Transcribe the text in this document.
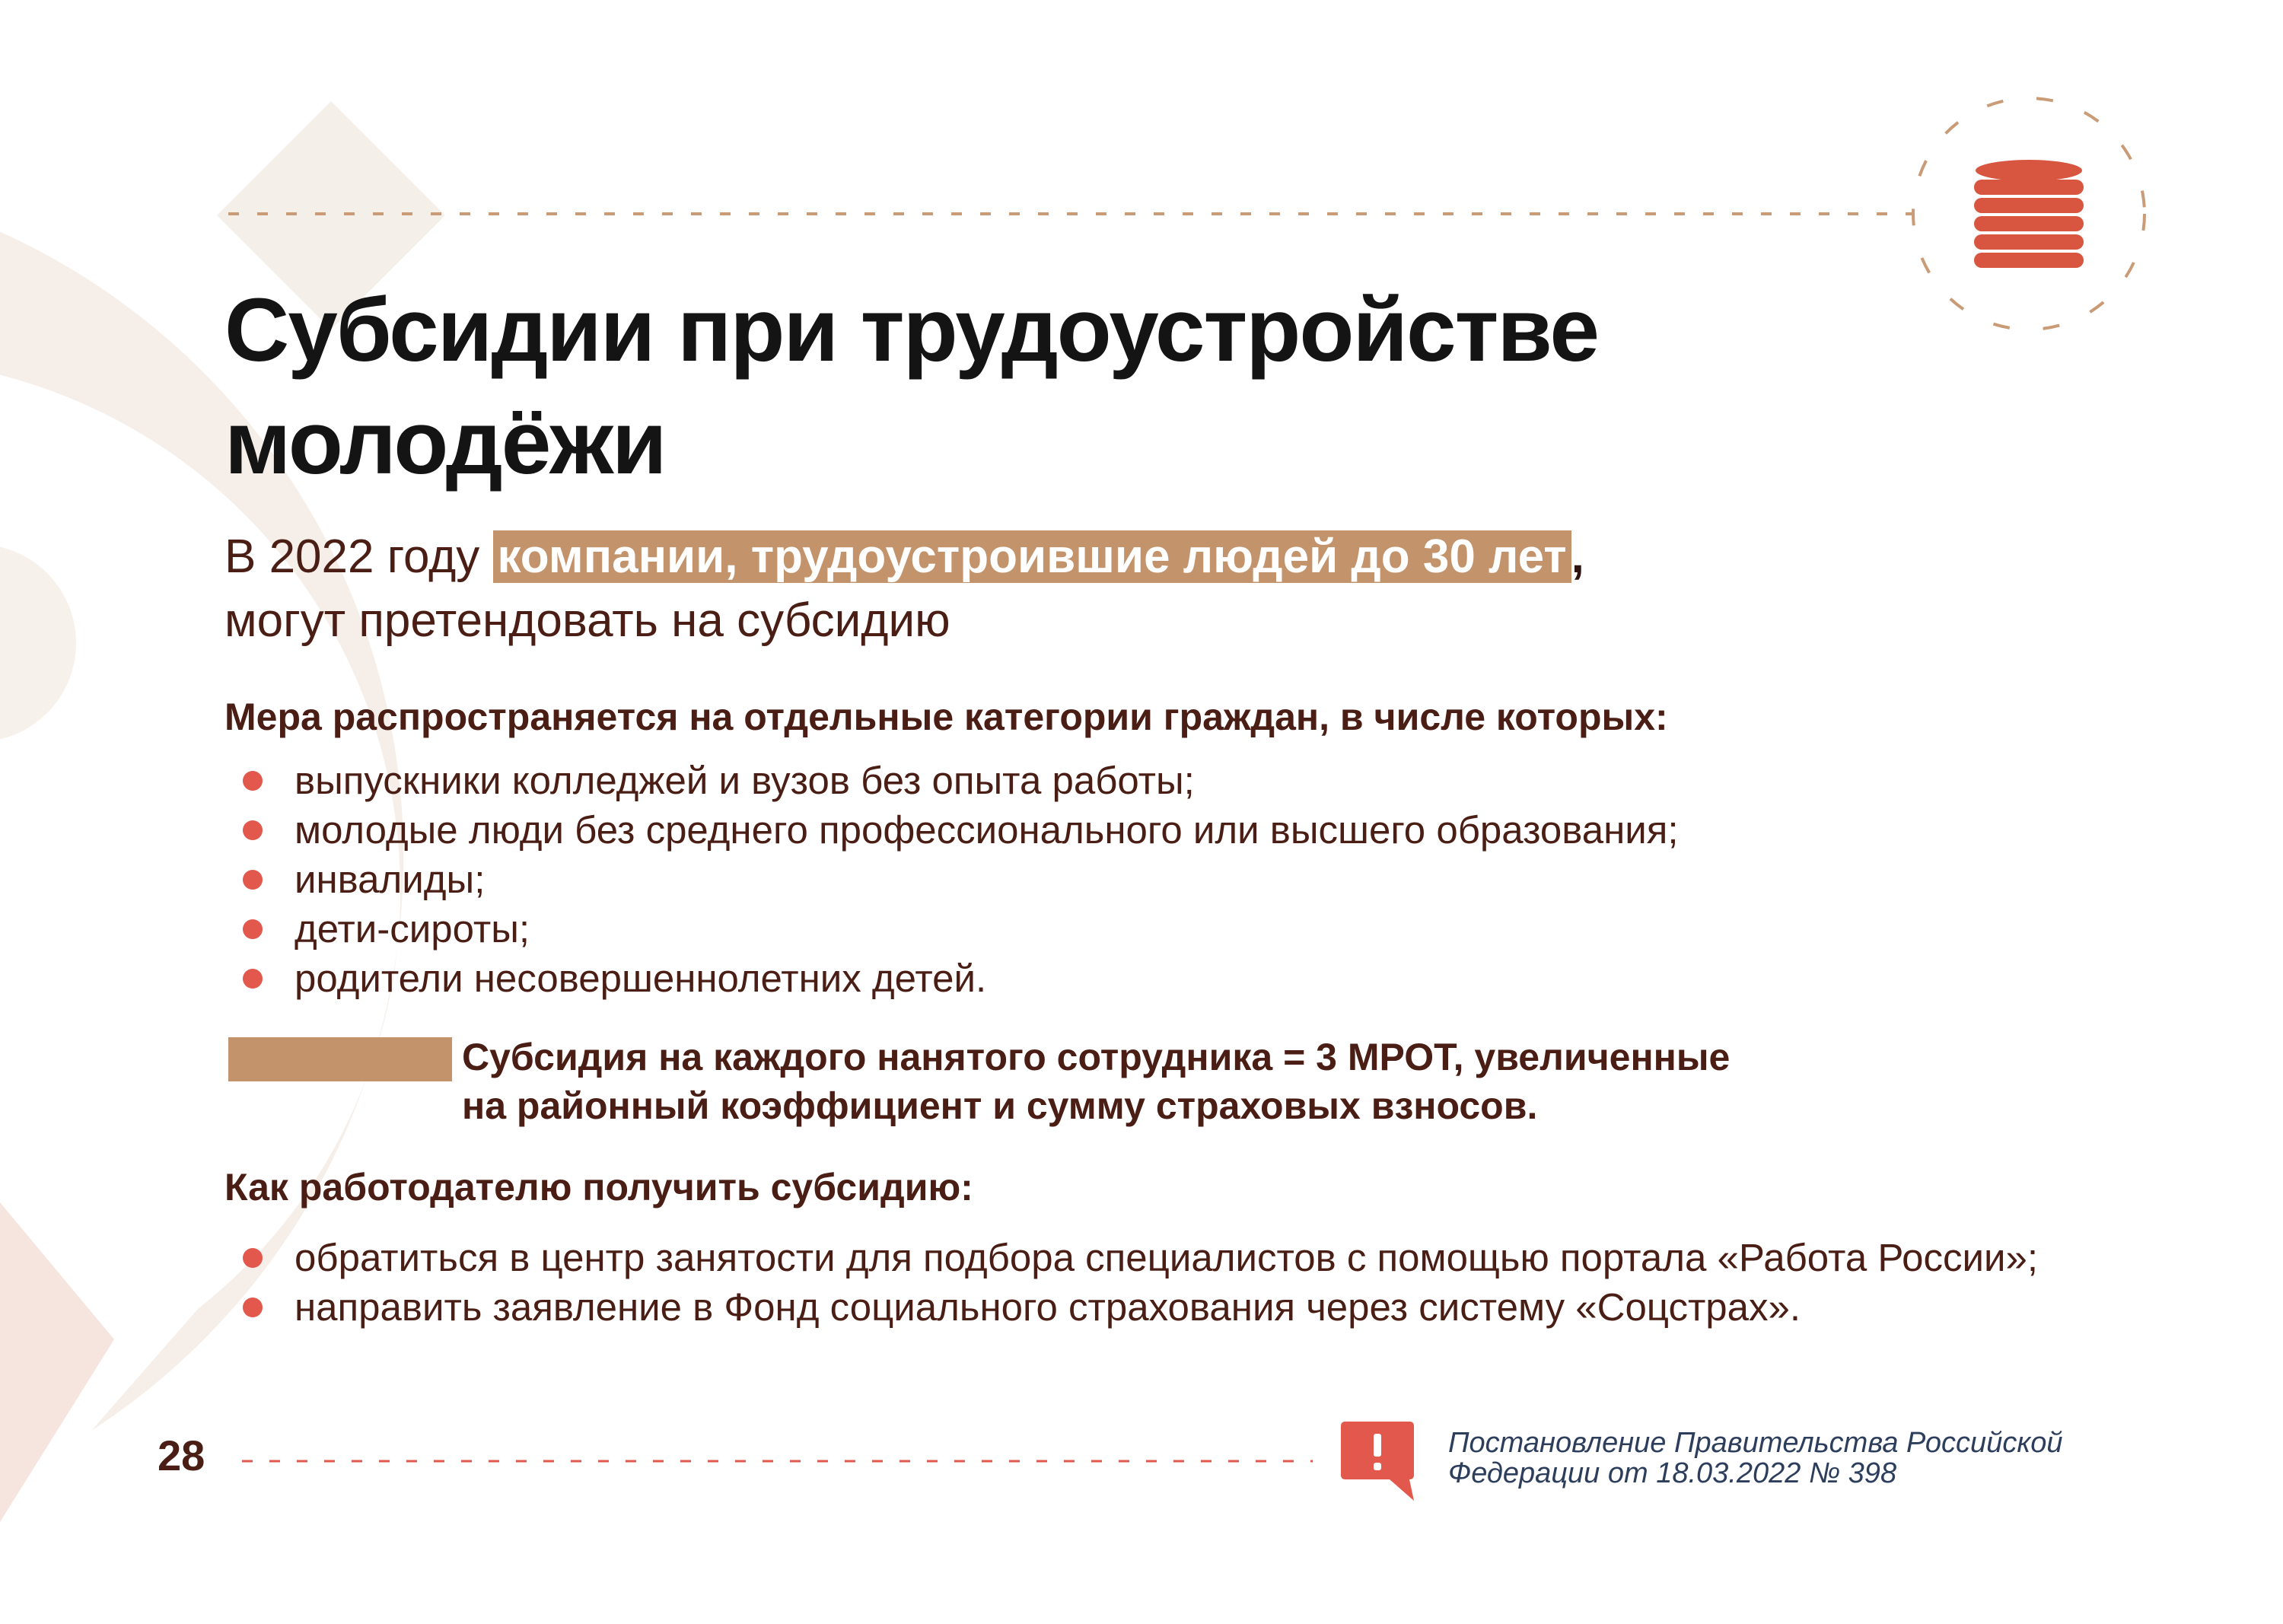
Субсидии при трудоустройстве
молодёжи
В 2022 году компании, трудоустроившие людей до 30 лет,
могут претендовать на субсидию
Мера распространяется на отдельные категории граждан, в числе которых:
выпускники колледжей и вузов без опыта работы;
молодые люди без среднего профессионального или высшего образования;
инвалиды;
дети-сироты;
родители несовершеннолетних детей.
Субсидия на каждого нанятого сотрудника = 3 МРОТ, увеличенные
на районный коэффициент и сумму страховых взносов.
Как работодателю получить субсидию:
обратиться в центр занятости для подбора специалистов с помощью портала «Работа России»;
направить заявление в Фонд социального страхования через систему «Соцстрах».
28	Постановление Правительства Российской
Федерации от 18.03.2022 № 398
